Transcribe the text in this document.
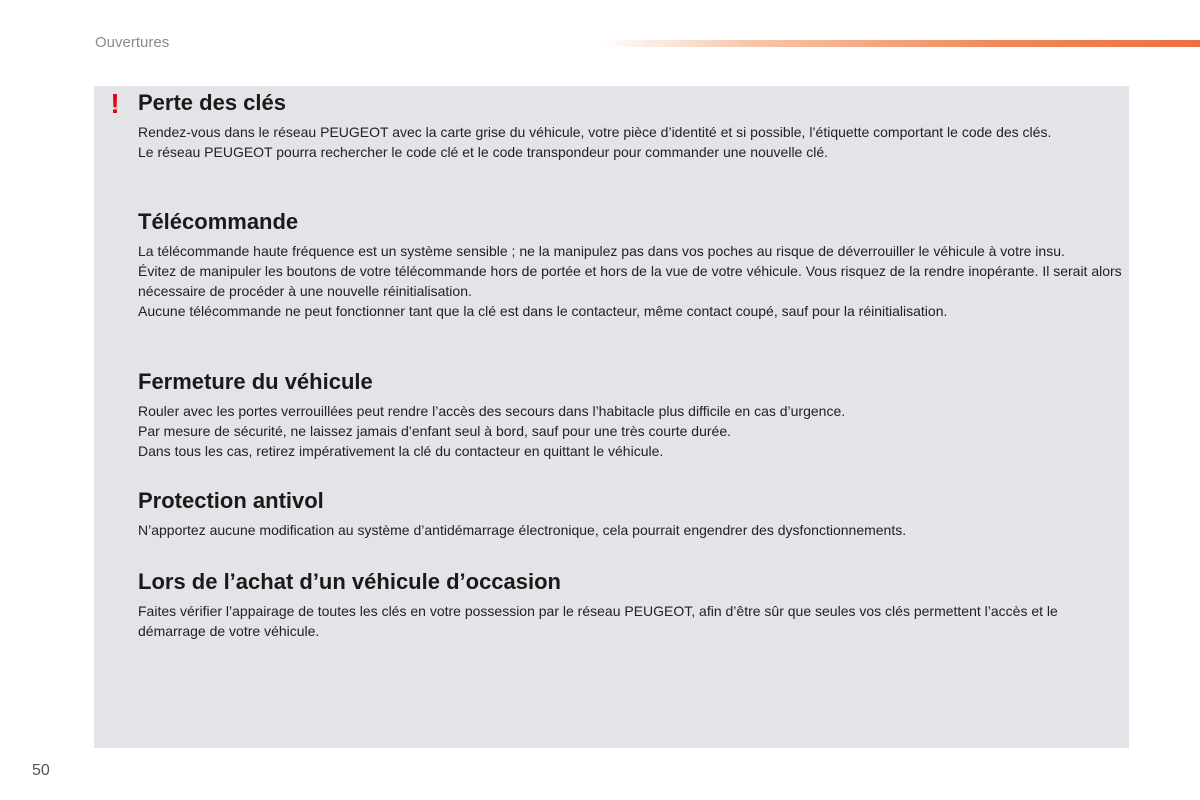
Ouvertures
! Perte des clés

Rendez-vous dans le réseau PEUGEOT avec la carte grise du véhicule, votre pièce d’identité et si possible, l’étiquette comportant le code des clés.

Le réseau PEUGEOT pourra rechercher le code clé et le code transpondeur pour commander une nouvelle clé.

Télécommande

La télécommande haute fréquence est un système sensible ; ne la manipulez pas dans vos poches au risque de déverrouiller le véhicule à votre insu.

Évitez de manipuler les boutons de votre télécommande hors de portée et hors de la vue de votre véhicule. Vous risquez de la rendre inopérante. Il serait alors nécessaire de procéder à une nouvelle réinitialisation.

Aucune télécommande ne peut fonctionner tant que la clé est dans le contacteur, même contact coupé, sauf pour la réinitialisation.

Fermeture du véhicule

Rouler avec les portes verrouillées peut rendre l’accès des secours dans l’habitacle plus difficile en cas d’urgence.

Par mesure de sécurité, ne laissez jamais d’enfant seul à bord, sauf pour une très courte durée.

Dans tous les cas, retirez impérativement la clé du contacteur en quittant le véhicule.

Protection antivol

N’apportez aucune modification au système d’antidémarrage électronique, cela pourrait engendrer des dysfonctionnements.

Lors de l’achat d’un véhicule d’occasion

Faites vérifier l’appairage de toutes les clés en votre possession par le réseau PEUGEOT, afin d’être sûr que seules vos clés permettent l’accès et le démarrage de votre véhicule.

50
